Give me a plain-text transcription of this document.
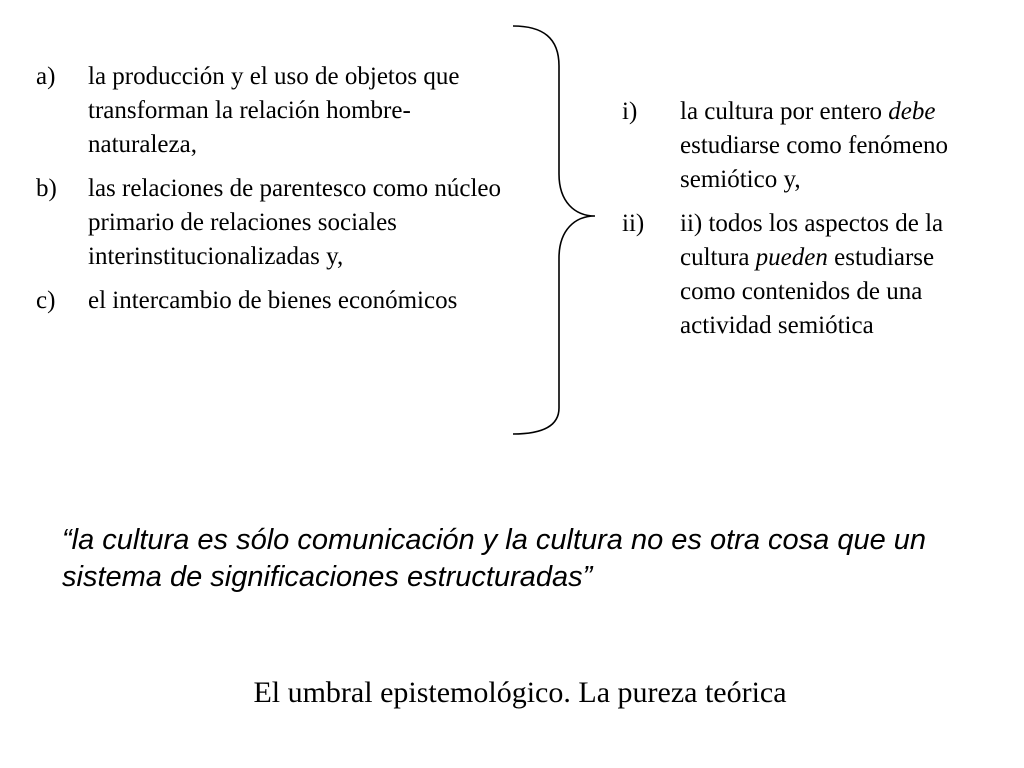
a)	la producción y el uso de objetos que transforman la relación hombre-naturaleza,
b)	las relaciones de parentesco como núcleo primario de relaciones sociales interinstitucionalizadas y,
c)	el intercambio de bienes económicos
i)	la cultura por entero debe estudiarse como fenómeno semiótico y,
ii)	ii) todos los aspectos de la cultura pueden estudiarse como contenidos de una actividad semiótica

“la cultura es sólo comunicación y la cultura no es otra cosa que un sistema de significaciones estructuradas”

El umbral epistemológico. La pureza teórica
